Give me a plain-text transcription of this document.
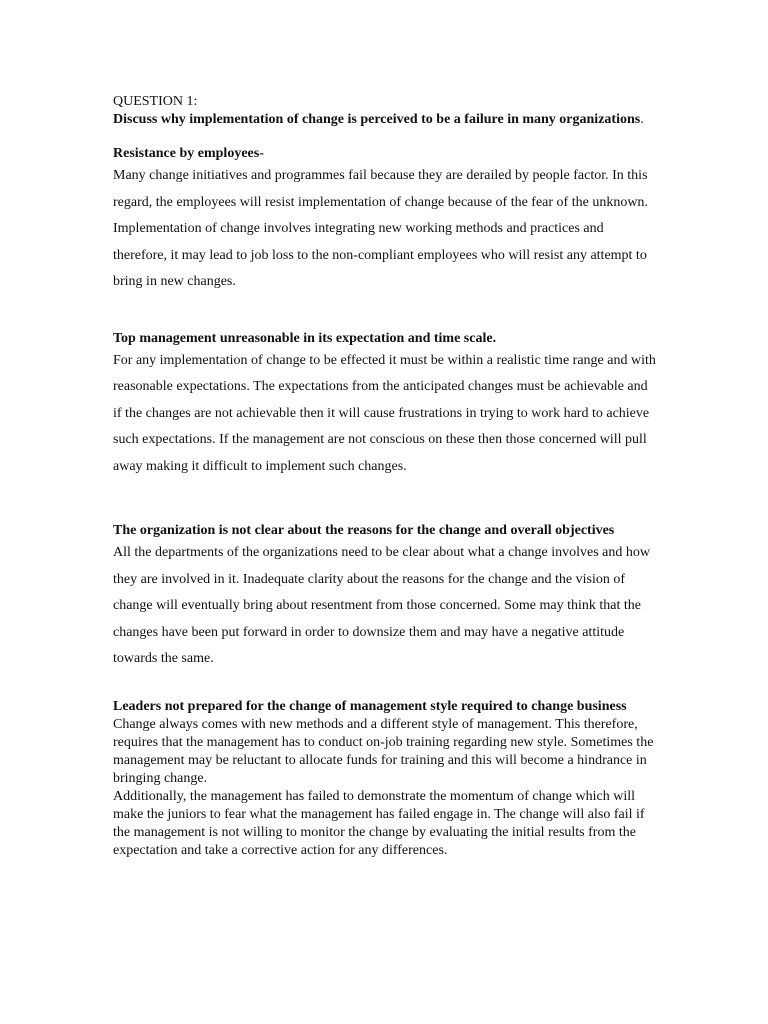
QUESTION 1:
Discuss why implementation of change is perceived to be a failure in many organizations.
Resistance by employees-

Many change initiatives and programmes fail because they are derailed by people factor. In this regard, the employees will resist implementation of change because of the fear of the unknown. Implementation of change involves integrating new working methods and practices and therefore, it may lead to job loss to the non-compliant employees who will resist any attempt to bring in new changes.

Top management unreasonable in its expectation and time scale.

For any implementation of change to be effected it must be within a realistic time range and with reasonable expectations. The expectations from the anticipated changes must be achievable and if the changes are not achievable then it will cause frustrations in trying to work hard to achieve such expectations. If the management are not conscious on these then those concerned will pull away making it difficult to implement such changes.

The organization is not clear about the reasons for the change and overall objectives

All the departments of the organizations need to be clear about what a change involves and how they are involved in it. Inadequate clarity about the reasons for the change and the vision of change will eventually bring about resentment from those concerned. Some may think that the changes have been put forward in order to downsize them and may have a negative attitude towards the same.

Leaders not prepared for the change of management style required to change business

Change always comes with new methods and a different style of management. This therefore, requires that the management has to conduct on-job training regarding new style. Sometimes the management may be reluctant to allocate funds for training and this will become a hindrance in bringing change.

Additionally, the management has failed to demonstrate the momentum of change which will make the juniors to fear what the management has failed engage in. The change will also fail if the management is not willing to monitor the change by evaluating the initial results from the expectation and take a corrective action for any differences.
